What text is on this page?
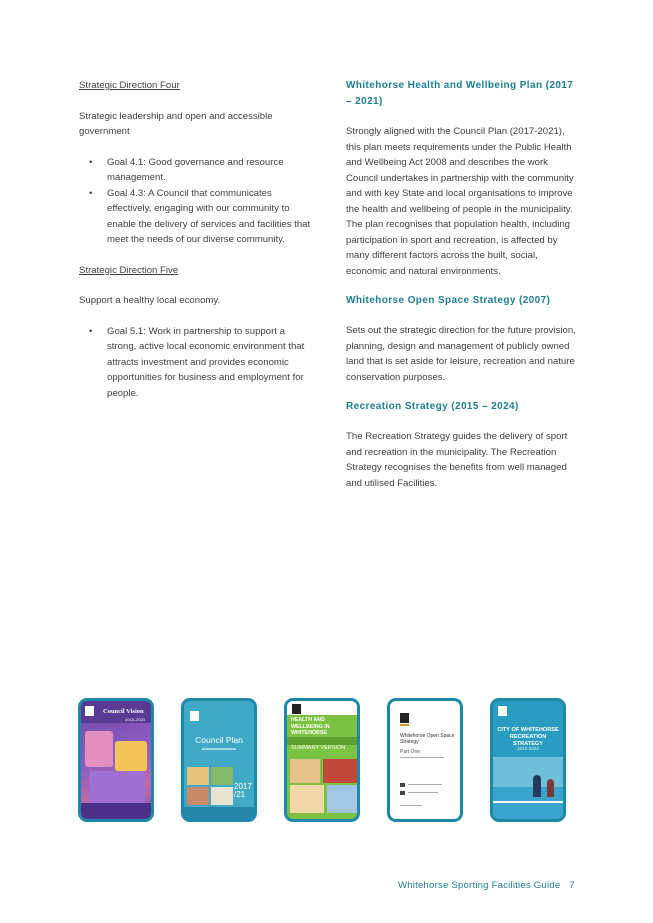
Strategic Direction Four

Strategic leadership and open and accessible government

• Goal 4.1: Good governance and resource management.
• Goal 4.3: A Council that communicates effectively, engaging with our community to enable the delivery of services and facilities that meet the needs of our diverse community.

Strategic Direction Five

Support a healthy local economy.

• Goal 5.1: Work in partnership to support a strong, active local economic environment that attracts investment and provides economic opportunities for business and employment for people.
Whitehorse Health and Wellbeing Plan (2017 – 2021)

Strongly aligned with the Council Plan (2017-2021), this plan meets requirements under the Public Health and Wellbeing Act 2008 and describes the work Council undertakes in partnership with the community and with key State and local organisations to improve the health and wellbeing of people in the municipality. The plan recognises that population health, including participation in sport and recreation, is affected by many different factors across the built, social, economic and natural environments.

Whitehorse Open Space Strategy (2007)

Sets out the strategic direction for the future provision, planning, design and management of publicly owned land that is set aside for leisure, recreation and nature conservation purposes.

Recreation Strategy (2015 – 2024)

The Recreation Strategy guides the delivery of sport and recreation in the municipality. The Recreation Strategy recognises the benefits from well managed and utilised Facilities.

Council Vision
2013–2023
Council Plan
2017
/21
HEALTH AND WELLBEING IN WHITEHORSE
SUMMARY VERSION
Whitehorse Open Space Strategy
Part One
CITY OF WHITEHORSE RECREATION STRATEGY
2015-2024
Whitehorse Sporting Facilities Guide 7
